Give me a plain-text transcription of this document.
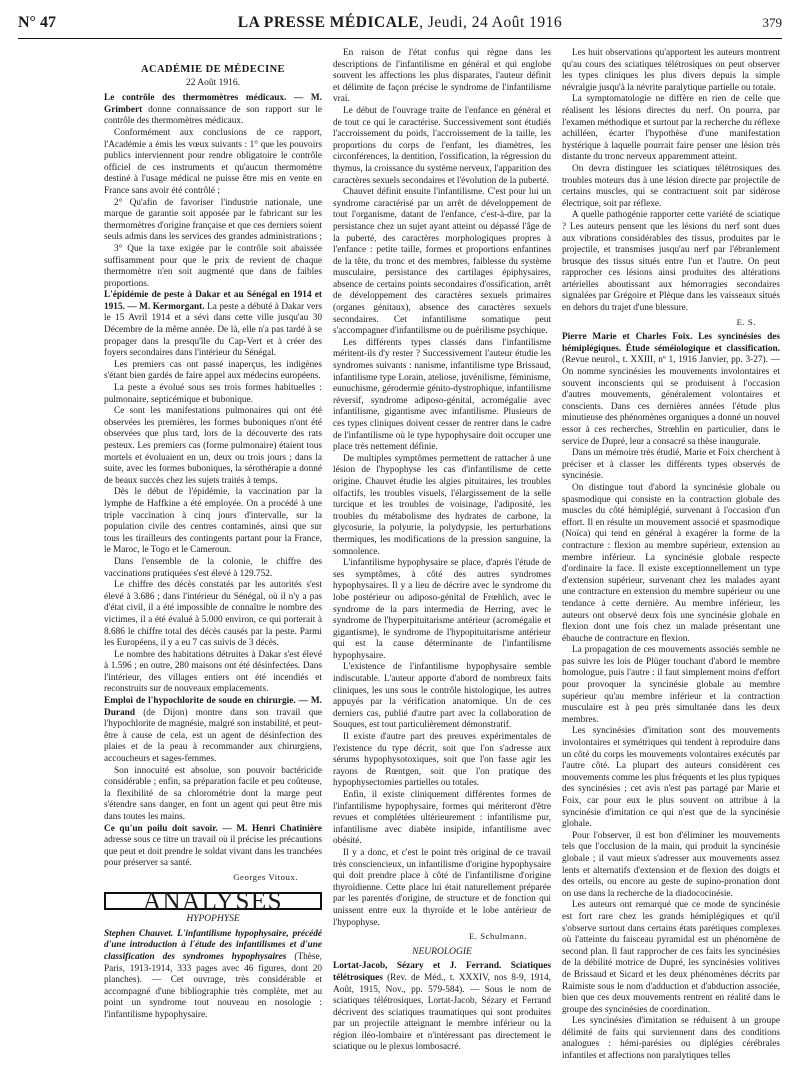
N° 47	LA PRESSE MÉDICALE, Jeudi, 24 Août 1916	379
ACADÉMIE DE MÉDECINE
22 Août 1916.

Le contrôle des thermomètres médicaux. — M. Grimbert donne connaissance de son rapport sur le contrôle des thermomètres médicaux.

Conformément aux conclusions de ce rapport, l'Académie a émis les vœux suivants : 1° que les pouvoirs publics interviennent pour rendre obligatoire le contrôle officiel de ces instruments et qu'aucun thermomètre destiné à l'usage médical ne puisse être mis en vente en France sans avoir été contrôlé ;

2° Qu'afin de favoriser l'industrie nationale, une marque de garantie soit apposée par le fabricant sur les thermomètres d'origine française et que ces derniers soient seuls admis dans les services des grandes administrations ;

3° Que la taxe exigée par le contrôle soit abaissée suffisamment pour que le prix de revient de chaque thermomètre n'en soit augmenté que dans de faibles proportions.

L'épidémie de peste à Dakar et au Sénégal en 1914 et 1915. — M. Kermorgant. La peste a débuté à Dakar vers le 15 Avril 1914 et a sévi dans cette ville jusqu'au 30 Décembre de la même année. De là, elle n'a pas tardé à se propager dans la presqu'île du Cap-Vert et à créer des foyers secondaires dans l'intérieur du Sénégal.

Les premiers cas ont passé inaperçus, les indigènes s'étant bien gardés de faire appel aux médecins européens.

La peste a évolué sous ses trois formes habituelles : pulmonaire, septicémique et bubonique.

Ce sont les manifestations pulmonaires qui ont été observées les premières, les formes buboniques n'ont été observées que plus tard, lors de la découverte des rats pesteux. Les premiers cas (forme pulmonaire) étaient tous mortels et évoluaient en un, deux ou trois jours ; dans la suite, avec les formes buboniques, la sérothérapie a donné de beaux succès chez les sujets traités à temps.

Dès le début de l'épidémie, la vaccination par la lymphe de Haffkine a été employée. On a procédé à une triple vaccination à cinq jours d'intervalle, sur la population civile des centres contaminés, ainsi que sur tous les tirailleurs des contingents partant pour la France, le Maroc, le Togo et le Cameroun.

Dans l'ensemble de la colonie, le chiffre des vaccinations pratiquées s'est élevé à 129.752.

Le chiffre des décès constatés par les autorités s'est élevé à 3.686 ; dans l'intérieur du Sénégal, où il n'y a pas d'état civil, il a été impossible de connaître le nombre des victimes, il a été évalué à 5.000 environ, ce qui porterait à 8.686 le chiffre total des décès causés par la peste. Parmi les Européens, il y a eu 7 cas suivis de 3 décès.

Le nombre des habitations détruites à Dakar s'est élevé à 1.596 ; en outre, 280 maisons ont été désinfectées. Dans l'intérieur, des villages entiers ont été incendiés et reconstruits sur de nouveaux emplacements.

Emploi de l'hypochlorite de soude en chirurgie. — M. Durand (de Dijon) montre dans son travail que l'hypochlorite de magnésie, malgré son instabilité, et peut-être à cause de cela, est un agent de désinfection des plaies et de la peau à recommander aux chirurgiens, accoucheurs et sages-femmes.

Son innocuité est absolue, son pouvoir bactéricide considérable ; enfin, sa préparation facile et peu coûteuse, la flexibilité de sa chlorométrie dont la marge peut s'étendre sans danger, en font un agent qui peut être mis dans toutes les mains.

Ce qu'un poilu doit savoir. — M. Henri Chatinière adresse sous ce titre un travail où il précise les précautions que peut et doit prendre le soldat vivant dans les tranchées pour préserver sa santé.

Georges Vitoux.
ANALYSES
HYPOPHYSE

Stephen Chauvet. L'infantilisme hypophysaire, précédé d'une introduction à l'étude des infantilismes et d'une classification des syndromes hypophysaires (Thèse, Paris, 1913-1914, 333 pages avec 46 figures, dont 20 planches). — Cet ouvrage, très considérable et accompagné d'une bibliographie très complète, met au point un syndrome tout nouveau en nosologie : l'infantilisme hypophysaire.

En raison de l'état confus qui règne dans les descriptions de l'infantilisme en général et qui englobe souvent les affections les plus disparates, l'auteur définit et délimite de façon précise le syndrome de l'infantilisme vrai.

Le début de l'ouvrage traite de l'enfance en général et de tout ce qui le caractérise. Successivement sont étudiés l'accroissement du poids, l'accroissement de la taille, les proportions du corps de l'enfant, les diamètres, les circonférences, la dentition, l'ossification, la régression du thymus, la croissance du système nerveux, l'apparition des caractères sexuels secondaires et l'évolution de la puberté.

Chauvet définit ensuite l'infantilisme. C'est pour lui un syndrome caractérisé par un arrêt de développement de tout l'organisme, datant de l'enfance, c'est-à-dire, par la persistance chez un sujet ayant atteint ou dépassé l'âge de la puberté, des caractères morphologiques propres à l'enfance : petite taille, formes et proportions enfantines de la tête, du tronc et des membres, faiblesse du système musculaire, persistance des cartilages épiphysaires, absence de certains points secondaires d'ossification, arrêt de développement des caractères sexuels primaires (organes génitaux), absence des caractères sexuels secondaires. Cet infantilisme somatique peut s'accompagner d'infantilisme ou de puérilisme psychique.

Les différents types classés dans l'infantilisme méritent-ils d'y rester ? Successivement l'auteur étudie les syndromes suivants : nanisme, infantilisme type Brissaud, infantilisme type Lorain, ateliose, juvénilisme, féminisme, eunuchisme, gérodermie génito-dystrophique, infantilisme réversif, syndrome adiposo-génital, acromégalie avec infantilisme, gigantisme avec infantilisme. Plusieurs de ces types cliniques doivent cesser de rentrer dans le cadre de l'infantilisme où le type hypophysaire doit occuper une place très nettement définie.

De multiples symptômes permettent de rattacher à une lésion de l'hypophyse les cas d'infantilisme de cette origine. Chauvet étudie les algies pituitaires, les troubles olfactifs, les troubles visuels, l'élargissement de la selle turcique et les troubles de voisinage, l'adiposité, les troubles du métabolisme des hydrates de carbone, la glycosurie, la polyurie, la polydypsie, les perturbations thermiques, les modifications de la pression sanguine, la somnolence.

L'infantilisme hypophysaire se place, d'après l'étude de ses symptômes, à côté des autres syndromes hypophysaires. Il y a lieu de décrire avec le syndrome du lobe postérieur ou adiposo-génital de Frœhlich, avec le syndrome de la pars intermedia de Herring, avec le syndrome de l'hyperpituitarisme antérieur (acromégalie et gigantisme), le syndrome de l'hypopituitarisme antérieur qui est la cause déterminante de l'infantilisme hypophysaire.

L'existence de l'infantilisme hypophysaire semble indiscutable. L'auteur apporte d'abord de nombreux faits cliniques, les uns sous le contrôle histologique, les autres appuyés par la vérification anatomique. Un de ces derniers cas, publié d'autre part avec la collaboration de Souques, est tout particulièrement démonstratif.

Il existe d'autre part des preuves expérimentales de l'existence du type décrit, soit que l'on s'adresse aux sérums hypophysotoxiques, soit que l'on fasse agir les rayons de Rœntgen, soit que l'on pratique des hypophysectomies partielles ou totales.

Enfin, il existe cliniquement différentes formes de l'infantilisme hypophysaire, formes qui mériteront d'être revues et complétées ultérieurement : infantilisme pur, infantilisme avec diabète insipide, infantilisme avec obésité.

Il y a donc, et c'est le point très original de ce travail très consciencieux, un infantilisme d'origine hypophysaire qui doit prendre place à côté de l'infantilisme d'origine thyroïdienne. Cette place lui était naturellement préparée par les parentés d'origine, de structure et de fonction qui unissent entre eux la thyroïde et le lobe antérieur de l'hypophyse.

E. Schulmann.
NEUROLOGIE

Lortat-Jacob, Sézary et J. Ferrand. Sciatiques télétrosiques (Rev. de Méd., t. XXXIV, nos 8-9, 1914, Août, 1915, Nov., pp. 579-584). — Sous le nom de sciatiques télétrosiques, Lortat-Jacob, Sézary et Ferrand décrivent des sciatiques traumatiques qui sont produites par un projectile atteignant le membre inférieur ou la région iléo-lombaire et n'intéressant pas directement le sciatique ou le plexus lombosacré.

Les huit observations qu'apportent les auteurs montrent qu'au cours des sciatiques télétrosiques on peut observer les types cliniques les plus divers depuis la simple névralgie jusqu'à la névrite paralytique partielle ou totale.

La symptomatologie ne diffère en rien de celle que réalisent les lésions directes du nerf. On pourra, par l'examen méthodique et surtout par la recherche du réflexe achilléen, écarter l'hypothèse d'une manifestation hystérique à laquelle pourrait faire penser une lésion très distante du tronc nerveux apparemment atteint.

On devra distinguer les sciatiques télétrosiques des troubles moteurs dus à une lésion directe par projectile de certains muscles, qui se contractuent soit par sidérose électrique, soit par réflexe.

A quelle pathogénie rapporter cette variété de sciatique ? Les auteurs pensent que les lésions du nerf sont dues aux vibrations considérables des tissus, produites par le projectile, et transmises jusqu'au nerf par l'ébranlement brusque des tissus situés entre l'un et l'autre. On peut rapprocher ces lésions ainsi produites des altérations artérielles aboutissant aux hémorragies secondaires signalées par Grégoire et Plèque dans les vaisseaux situés en dehors du trajet d'une blessure.

E. S.

Pierre Marie et Charles Foix. Les syncinésies des hémiplégiques. Étude séméiologique et classification. (Revue neurol., t. XXIII, nº 1, 1916 Janvier, pp. 3-27). — On nomme syncinésies les mouvements involontaires et souvent inconscients qui se produisent à l'occasion d'autres mouvements, généralement volontaires et conscients. Dans ces dernières années l'étude plus minutieuse des phénomènes organiques a donné un nouvel essor à ces recherches, Strœhlin en particulier, dans le service de Dupré, leur a consacré sa thèse inaugurale.

Dans un mémoire très étudié, Marie et Foix cherchent à préciser et à classer les différents types observés de syncinésie.

On distingue tout d'abord la syncinésie globale ou spasmodique qui consiste en la contraction globale des muscles du côté hémiplégié, survenant à l'occasion d'un effort. Il en résulte un mouvement associé et spasmodique (Noïca) qui tend en général à exagérer la forme de la contracture : flexion au membre supérieur, extension au membre inférieur. La syncinésie globale respecte d'ordinaire la face. Il existe exceptionnellement un type d'extension supérieur, survenant chez les malades ayant une contracture en extension du membre supérieur ou une tendance à cette dernière. Au membre inférieur, les auteurs ont observé deux fois une syncinésie globale en flexion dont une fois chez un malade présentant une ébauche de contracture en flexion.

La propagation de ces mouvements associés semble ne pas suivre les lois de Plüger touchant d'abord le membre homologue, puis l'autre : il faut simplement moins d'effort pour provoquer la syncinésie globale au membre supérieur qu'au membre inférieur et la contraction musculaire est à peu près simultanée dans les deux membres.

Les syncinésies d'imitation sont des mouvements involontaires et symétriques qui tendent à reproduire dans un côté du corps les mouvements volontaires exécutés par l'autre côté. La plupart des auteurs considèrent ces mouvements comme les plus fréquents et les plus typiques des syncinésies ; cet avis n'est pas partagé par Marie et Foix, car pour eux le plus souvent on attribue à la syncinésie d'imitation ce qui n'est que de la syncinésie globale.

Pour l'observer, il est bon d'éliminer les mouvements tels que l'occlusion de la main, qui produit la syncinésie globale ; il vaut mieux s'adresser aux mouvements assez lents et alternatifs d'extension et de flexion des doigts et des orteils, ou encore au geste de supino-pronation dont on use dans la recherche de la diadococinésie.

Les auteurs ont remarqué que ce mode de syncinésie est fort rare chez les grands hémiplégiques et qu'il s'observe surtout dans certains états parétiques complexes où l'atteinte du faisceau pyramidal est un phénomène de second plan. Il faut rapprocher de ces faits les syncinésies de la débilité motrice de Dupré, les syncinésies volitives de Brissaud et Sicard et les deux phénomènes décrits par Raimiste sous le nom d'adduction et d'abduction associée, bien que ces deux mouvements rentrent en réalité dans le groupe des syncinésies de coordination.

Les syncinésies d'imitation se réduisent à un groupe délimité de faits qui surviennent dans des conditions analogues : hémi-parésies ou diplégies cérébrales infantiles et affections non paralytiques telles
